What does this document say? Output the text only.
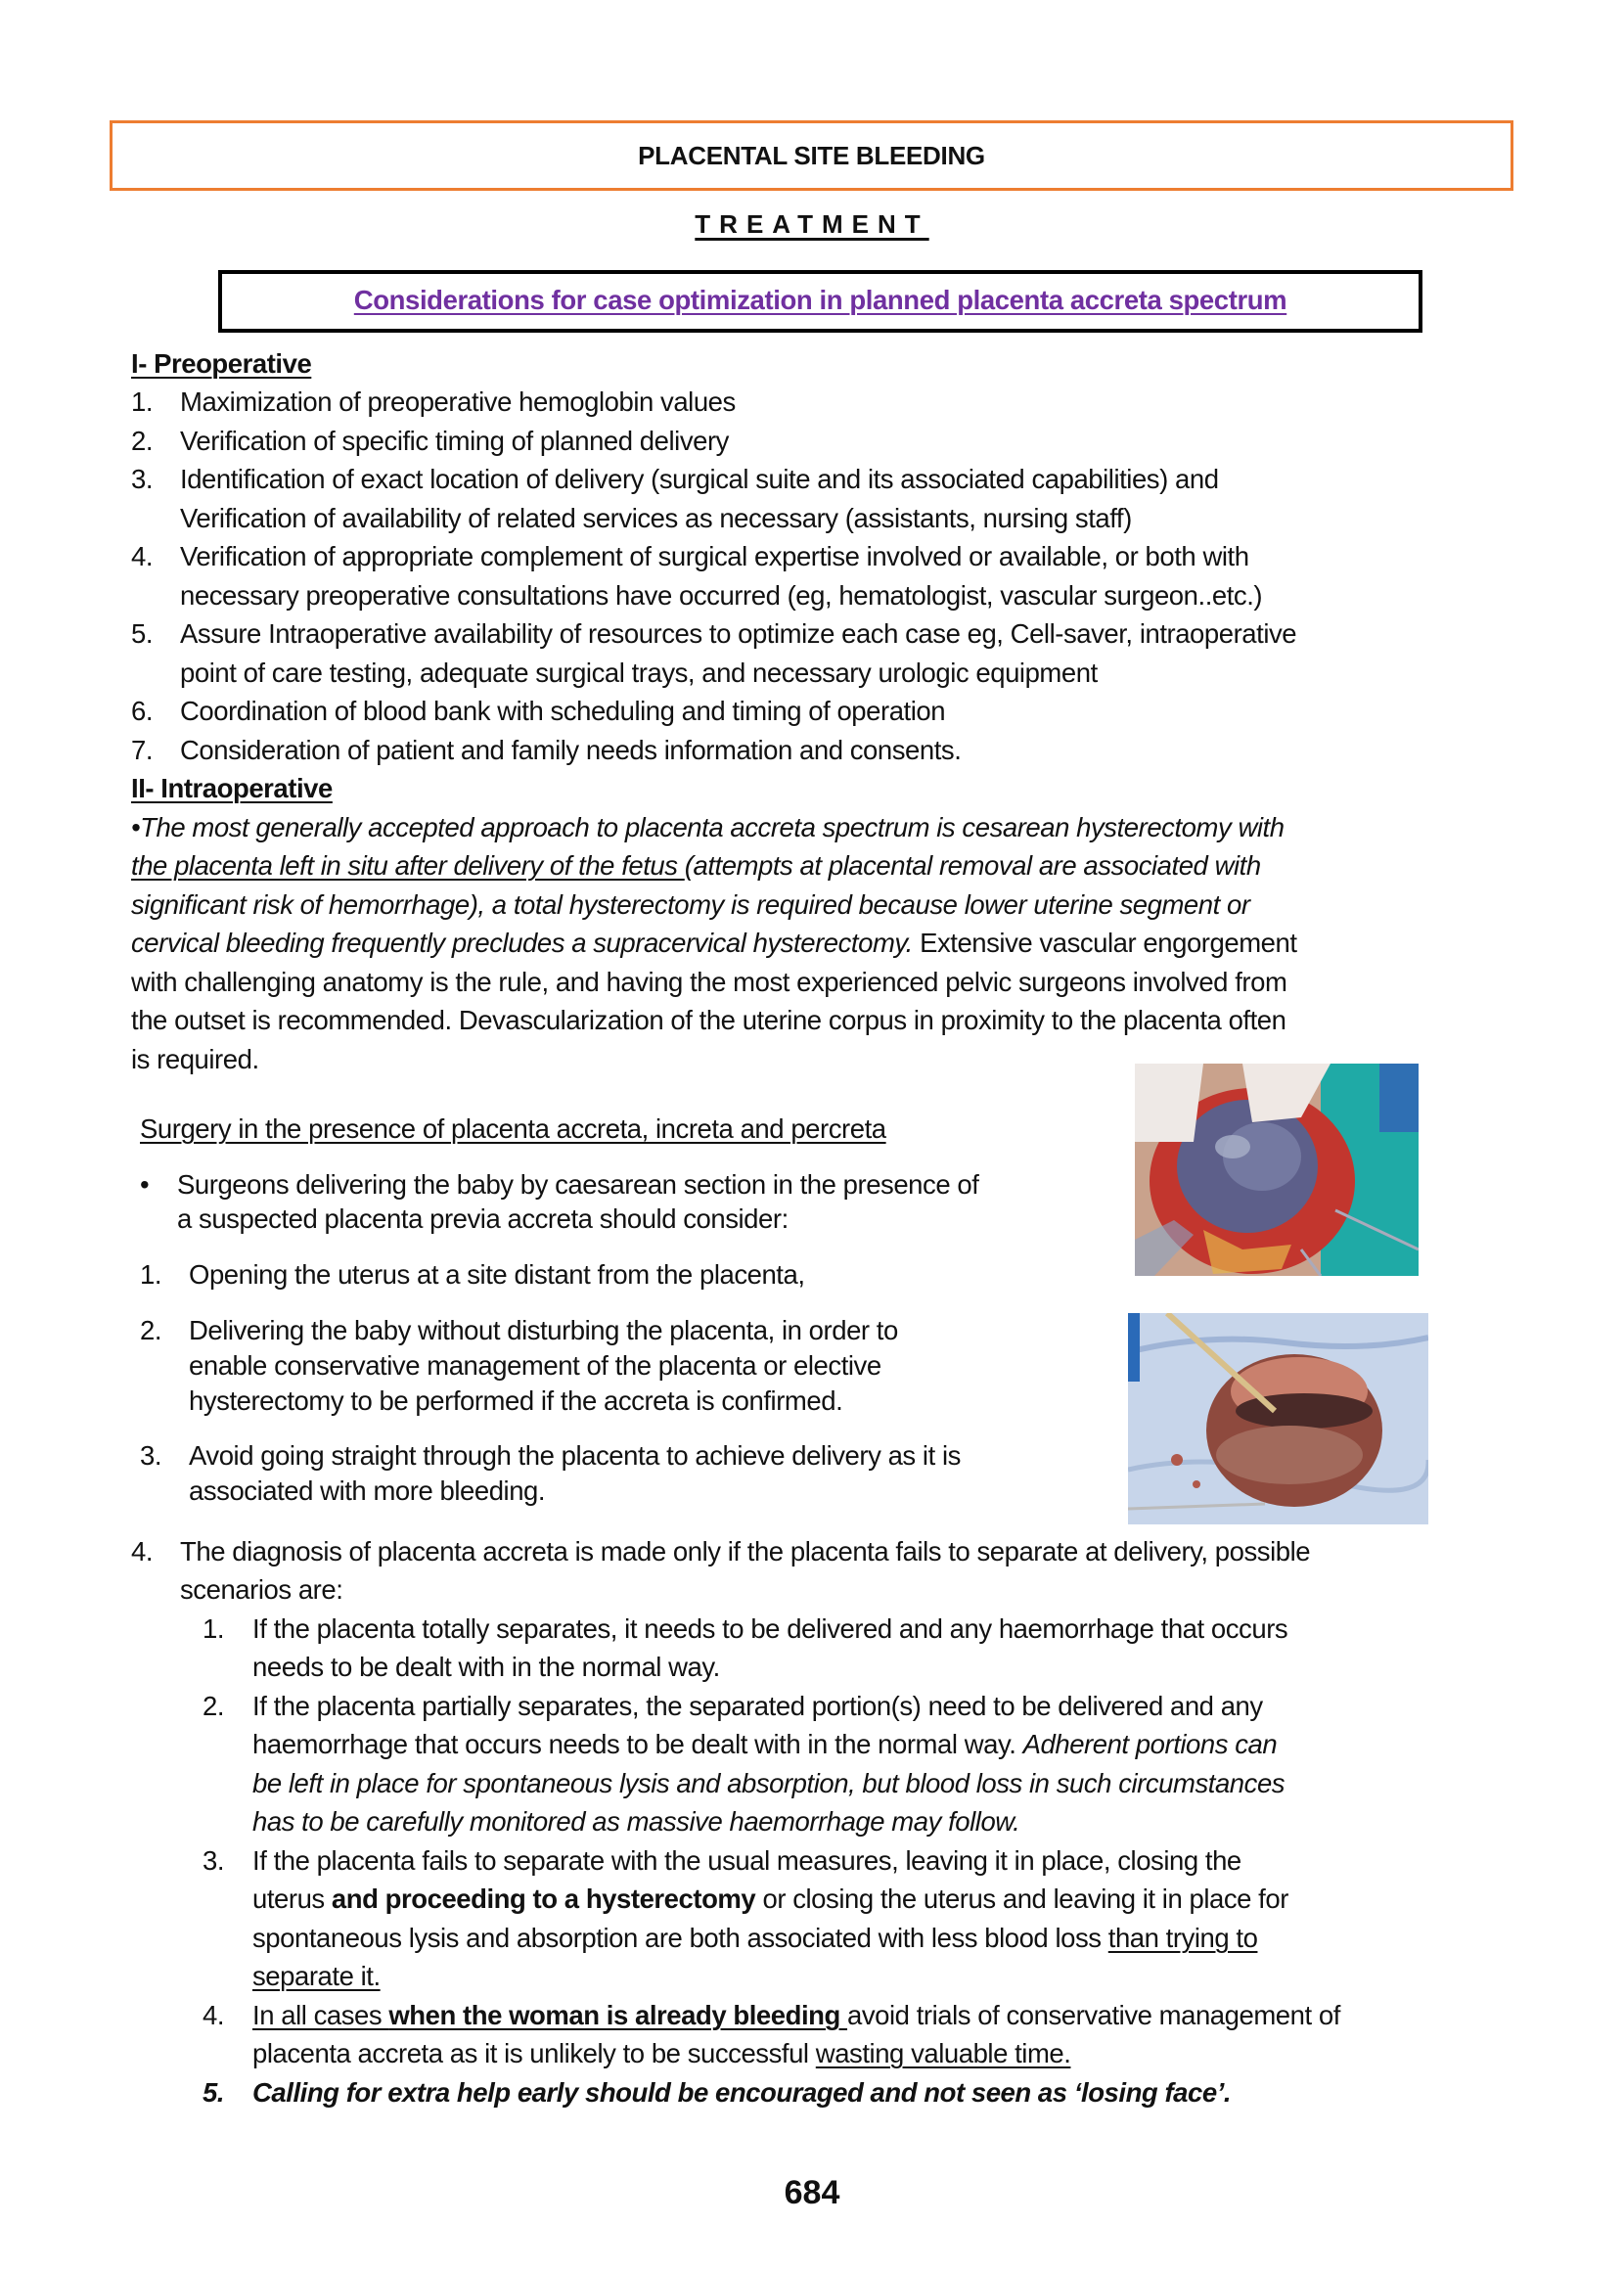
PLACENTAL SITE BLEEDING
TREATMENT
Considerations for case optimization in planned placenta accreta spectrum
I- Preoperative
1. Maximization of preoperative hemoglobin values
2. Verification of specific timing of planned delivery
3. Identification of exact location of delivery (surgical suite and its associated capabilities) and
Verification of availability of related services as necessary (assistants, nursing staff)
4. Verification of appropriate complement of surgical expertise involved or available, or both with
necessary preoperative consultations have occurred (eg, hematologist, vascular surgeon..etc.)
5. Assure Intraoperative availability of resources to optimize each case eg, Cell-saver, intraoperative
point of care testing, adequate surgical trays, and necessary urologic equipment
6. Coordination of blood bank with scheduling and timing of operation
7. Consideration of patient and family needs information and consents.
II- Intraoperative
•The most generally accepted approach to placenta accreta spectrum is cesarean hysterectomy with
the placenta left in situ after delivery of the fetus (attempts at placental removal are associated with
significant risk of hemorrhage), a total hysterectomy is required because lower uterine segment or
cervical bleeding frequently precludes a supracervical hysterectomy. Extensive vascular engorgement
with challenging anatomy is the rule, and having the most experienced pelvic surgeons involved from
the outset is recommended. Devascularization of the uterine corpus in proximity to the placenta often
is required.
Surgery in the presence of placenta accreta, increta and percreta
• Surgeons delivering the baby by caesarean section in the presence of
a suspected placenta previa accreta should consider:
1. Opening the uterus at a site distant from the placenta,
2. Delivering the baby without disturbing the placenta, in order to
enable conservative management of the placenta or elective
hysterectomy to be performed if the accreta is confirmed.
3. Avoid going straight through the placenta to achieve delivery as it is
associated with more bleeding.
4. The diagnosis of placenta accreta is made only if the placenta fails to separate at delivery, possible
scenarios are:
1. If the placenta totally separates, it needs to be delivered and any haemorrhage that occurs
needs to be dealt with in the normal way.
2. If the placenta partially separates, the separated portion(s) need to be delivered and any
haemorrhage that occurs needs to be dealt with in the normal way. Adherent portions can
be left in place for spontaneous lysis and absorption, but blood loss in such circumstances
has to be carefully monitored as massive haemorrhage may follow.
3. If the placenta fails to separate with the usual measures, leaving it in place, closing the
uterus and proceeding to a hysterectomy or closing the uterus and leaving it in place for
spontaneous lysis and absorption are both associated with less blood loss than trying to
separate it.
4. In all cases when the woman is already bleeding avoid trials of conservative management of
placenta accreta as it is unlikely to be successful wasting valuable time.
5. Calling for extra help early should be encouraged and not seen as ‘losing face’.
684
